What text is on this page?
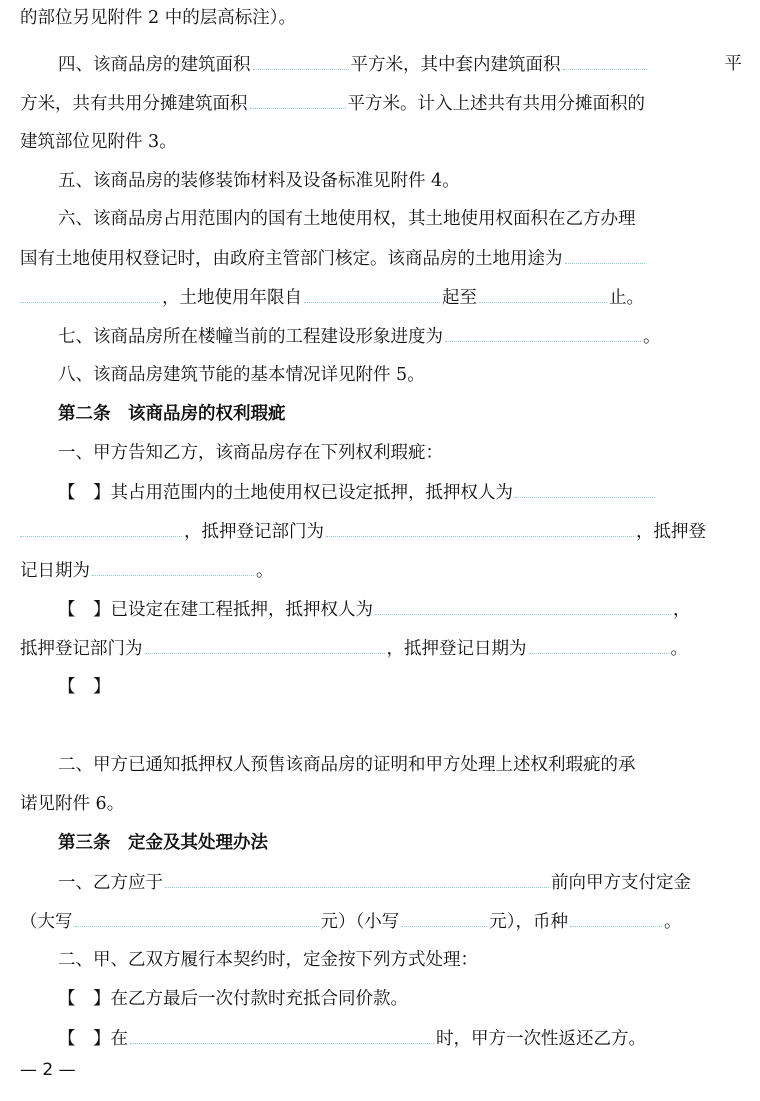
的部位另见附件 2 中的层高标注）。
四、该商品房的建筑面积	平方米，其中套内建筑面积	平
方米，共有共用分摊建筑面积	平方米。计入上述共有共用分摊面积的
建筑部位见附件 3。
五、该商品房的装修装饰材料及设备标准见附件 4。
六、该商品房占用范围内的国有土地使用权，其土地使用权面积在乙方办理
国有土地使用权登记时，由政府主管部门核定。该商品房的土地用途为
，土地使用年限自	起至	止。
七、该商品房所在楼幢当前的工程建设形象进度为	。
八、该商品房建筑节能的基本情况详见附件 5。
第二条　该商品房的权利瑕疵
一、甲方告知乙方，该商品房存在下列权利瑕疵：
【　】其占用范围内的土地使用权已设定抵押，抵押权人为
，抵押登记部门为	，抵押登
记日期为	。
【　】已设定在建工程抵押，抵押权人为	，
抵押登记部门为	，抵押登记日期为	。
【　】
二、甲方已通知抵押权人预售该商品房的证明和甲方处理上述权利瑕疵的承
诺见附件 6。
第三条　定金及其处理办法
一、乙方应于	前向甲方支付定金
（大写	元）（小写	元），币种	。
二、甲、乙双方履行本契约时，定金按下列方式处理：
【　】在乙方最后一次付款时充抵合同价款。
【　】在	时，甲方一次性返还乙方。
— 2 —
